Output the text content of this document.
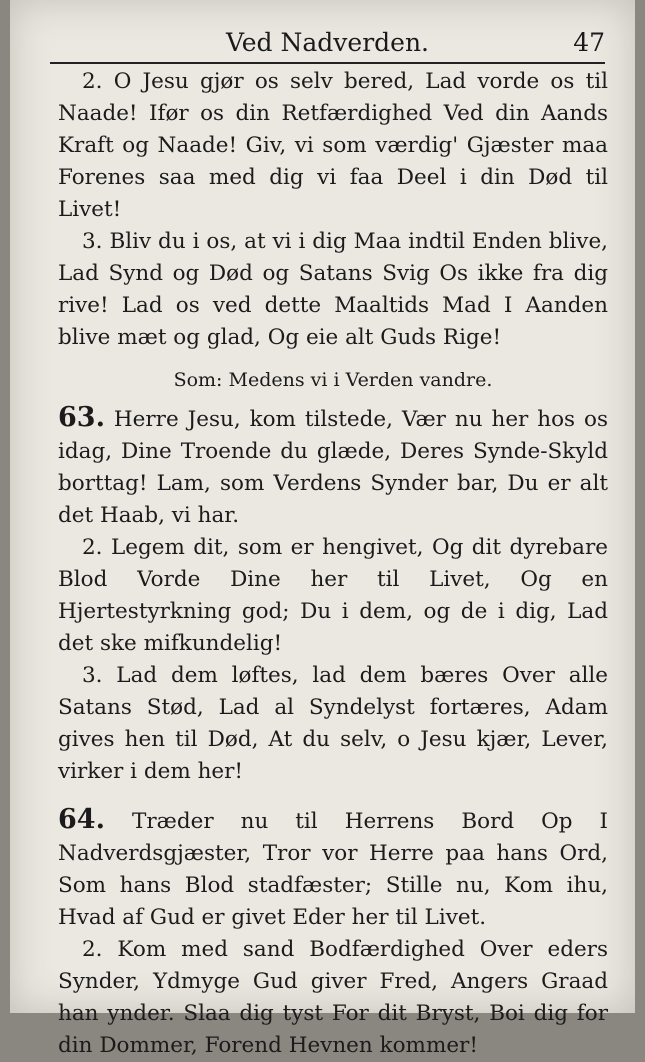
Ved Nadverden.	47

2. O Jesu gjør os selv bered, Lad vorde os til Naade! Ifør os din Retfærdighed Ved din Aands Kraft og Naade! Giv, vi som værdig' Gjæster maa Forenes saa med dig vi faa Deel i din Død til Livet!

3. Bliv du i os, at vi i dig Maa indtil Enden blive, Lad Synd og Død og Satans Svig Os ikke fra dig rive! Lad os ved dette Maaltids Mad I Aanden blive mæt og glad, Og eie alt Guds Rige!

Som: Medens vi i Verden vandre.

63. Herre Jesu, kom tilstede, Vær nu her hos os idag, Dine Troende du glæde, Deres Synde-Skyld borttag! Lam, som Verdens Synder bar, Du er alt det Haab, vi har.

2. Legem dit, som er hengivet, Og dit dyrebare Blod Vorde Dine her til Livet, Og en Hjertestyrkning god; Du i dem, og de i dig, Lad det ske mifkundelig!

3. Lad dem løftes, lad dem bæres Over alle Satans Stød, Lad al Syndelyst fortæres, Adam gives hen til Død, At du selv, o Jesu kjær, Lever, virker i dem her!

64. Træder nu til Herrens Bord Op I Nadverdsgjæster, Tror vor Herre paa hans Ord, Som hans Blod stadfæster; Stille nu, Kom ihu, Hvad af Gud er givet Eder her til Livet.

2. Kom med sand Bodfærdighed Over eders Synder, Ydmyge Gud giver Fred, Angers Graad han ynder. Slaa dig tyst For dit Bryst, Boi dig for din Dommer, Forend Hevnen kommer!
